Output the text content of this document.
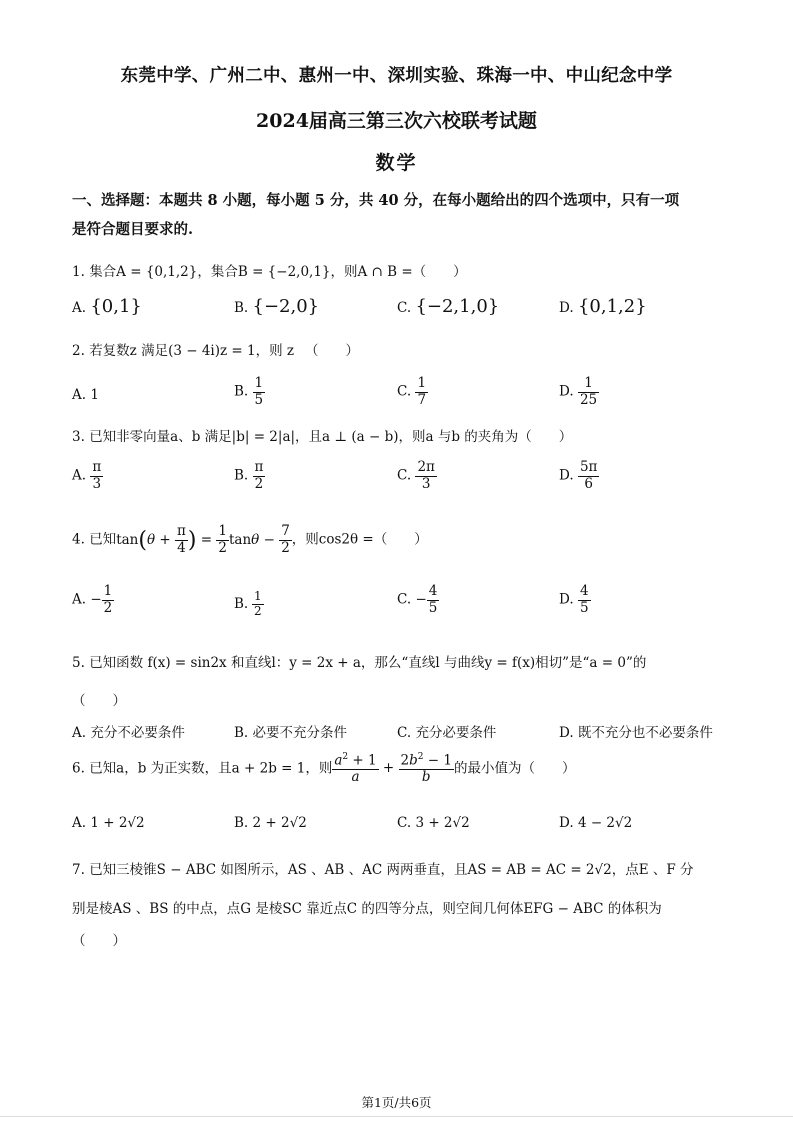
东莞中学、广州二中、惠州一中、深圳实验、珠海一中、中山纪念中学
2024届高三第三次六校联考试题
数学
一、选择题：本题共 8 小题，每小题 5 分，共 40 分，在每小题给出的四个选项中，只有一项
是符合题目要求的.
1. 集合A = {0,1,2}，集合B = {−2,0,1}，则A ∩ B =（　　）
A. {0,1}	B. {−2,0}	C. {−2,1,0}	D. {0,1,2}
2. 若复数z 满足(3 − 4i)z = 1，则 z 　（　　）
A. 1	B. $\frac{1}{5}$	C. $\frac{1}{7}$	D. $\frac{1}{25}$
3. 已知非零向量a、b 满足|b| = 2|a|，且a ⊥ (a − b)，则a 与b 的夹角为（　　）
A. $\frac{\pi}{3}$	B. $\frac{\pi}{2}$	C. $\frac{2\pi}{3}$	D. $\frac{5\pi}{6}$
4. 已知$\tan(\theta + \frac{\pi}{4}$ ) = $\frac{1}{2}$ $\tan\theta - \frac{7}{2}$ ，则cos2θ =（　　）
A. − $\frac{1}{2}$	B. $\frac{1}{2}$	C. − $\frac{4}{5}$	D. $\frac{4}{5}$
5. 已知函数 f(x) = sin2x 和直线l：y = 2x + a，那么“直线l 与曲线y = f(x)相切”是“a = 0”的
（　　）
A. 充分不必要条件	B. 必要不充分条件	C. 充分必要条件	D. 既不充分也不必要条件
6. 已知a，b 为正实数，且a + 2b = 1，则 $\frac{a^2 + 1}{a} + \frac{2b^2 - 1}{b}$ 的最小值为（　　）
A. 1 + 2√2	B. 2 + 2√2	C. 3 + 2√2	D. 4 − 2√2
7. 已知三棱锥S − ABC 如图所示，AS 、AB 、AC 两两垂直，且AS = AB = AC = 2√2，点E 、F 分
别是棱AS 、BS 的中点，点G 是棱SC 靠近点C 的四等分点，则空间几何体EFG − ABC 的体积为
（　　）
第1页/共6页
